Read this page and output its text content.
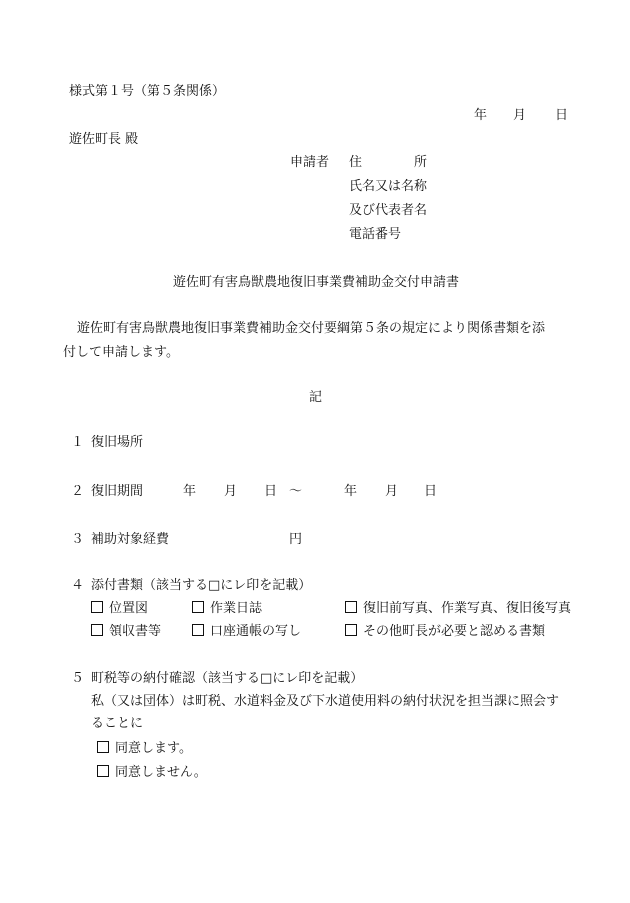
様式第１号（第５条関係）
年 月 日
遊佐町長 殿
申請者 住	所
氏名又は名称
及び代表者名
電話番号
遊佐町有害鳥獣農地復旧事業費補助金交付申請書
遊佐町有害鳥獣農地復旧事業費補助金交付要綱第５条の規定により関係書類を添
付して申請します。
記
１ 復旧場所
２ 復旧期間	年 月 日 ～	年 月 日
３ 補助対象経費	円
４ 添付書類（該当する□にレ印を記載）
位置図	作業日誌	復旧前写真、作業写真、復旧後写真
領収書等	口座通帳の写し	その他町長が必要と認める書類
５ 町税等の納付確認（該当する□にレ印を記載）
私（又は団体）は町税、水道料金及び下水道使用料の納付状況を担当課に照会す
ることに
同意します。
同意しません。
